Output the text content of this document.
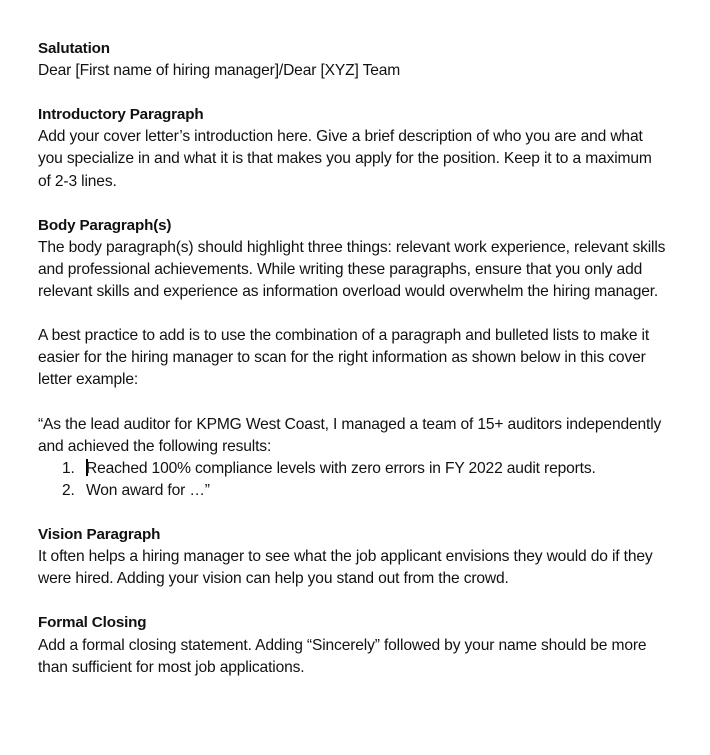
Salutation

Dear [First name of hiring manager]/Dear [XYZ] Team

Introductory Paragraph

Add your cover letter’s introduction here. Give a brief description of who you are and what you specialize in and what it is that makes you apply for the position. Keep it to a maximum of 2-3 lines.

Body Paragraph(s)

The body paragraph(s) should highlight three things: relevant work experience, relevant skills and professional achievements. While writing these paragraphs, ensure that you only add relevant skills and experience as information overload would overwhelm the hiring manager.

A best practice to add is to use the combination of a paragraph and bulleted lists to make it easier for the hiring manager to scan for the right information as shown below in this cover letter example:

“As the lead auditor for KPMG West Coast, I managed a team of 15+ auditors independently and achieved the following results:

1. Reached 100% compliance levels with zero errors in FY 2022 audit reports.
2. Won award for …”

Vision Paragraph

It often helps a hiring manager to see what the job applicant envisions they would do if they were hired. Adding your vision can help you stand out from the crowd.

Formal Closing

Add a formal closing statement. Adding “Sincerely” followed by your name should be more than sufficient for most job applications.
